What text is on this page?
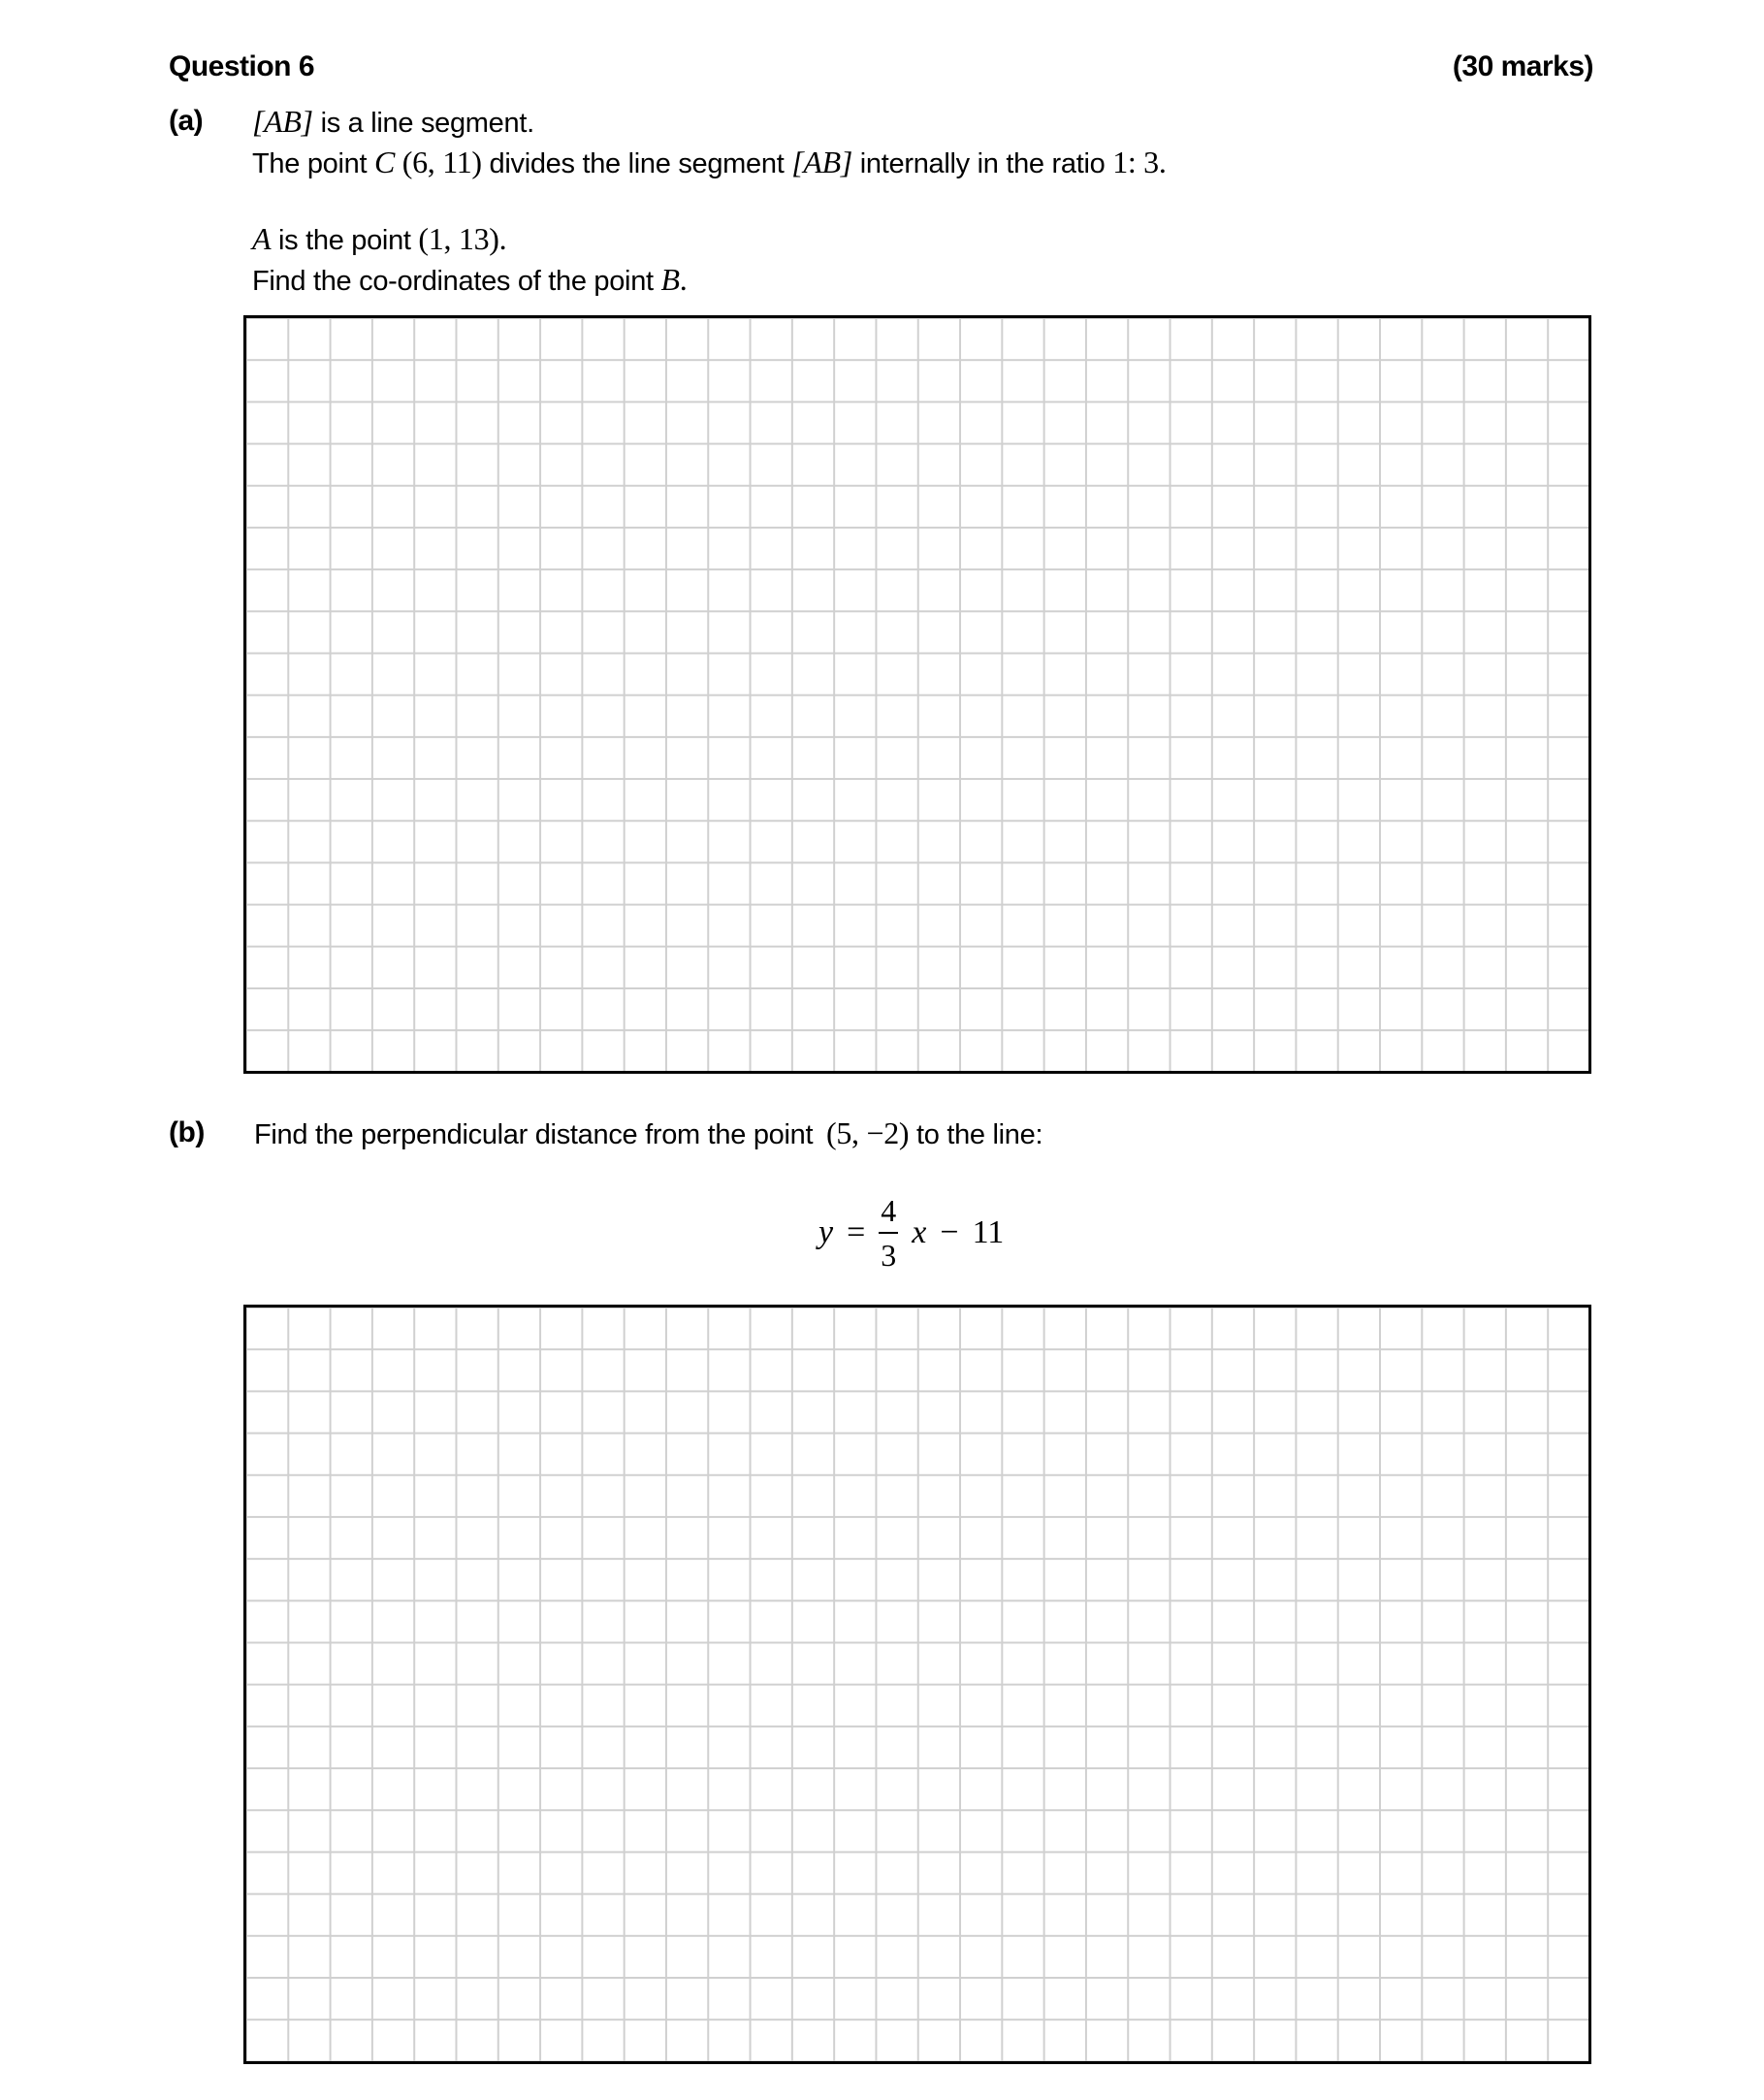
Question 6	(30 marks)
(a) [AB] is a line segment.
The point C (6, 11) divides the line segment [AB] internally in the ratio 1: 3.
A is the point (1, 13).
Find the co-ordinates of the point B.
(b) Find the perpendicular distance from the point (5, −2) to the line:
$y = \frac{4}{3}$ x − 11
